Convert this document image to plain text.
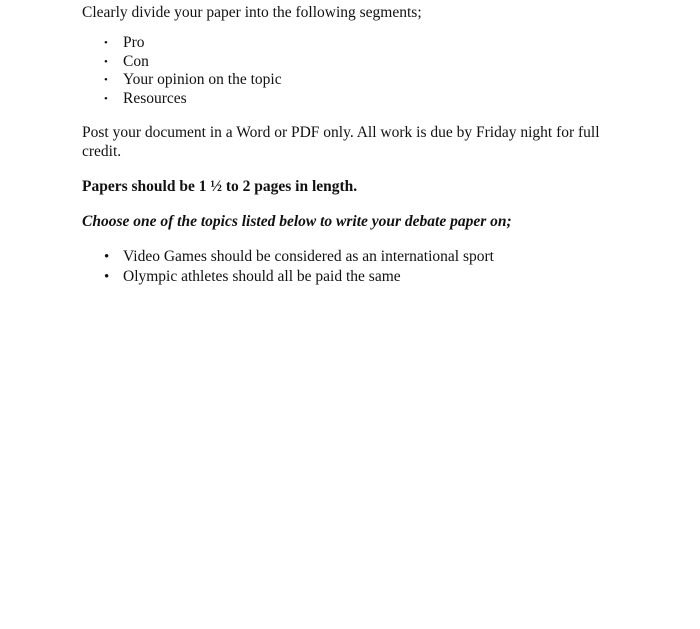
Clearly divide your paper into the following segments;
• Pro
• Con
• Your opinion on the topic
• Resources
Post your document in a Word or PDF only. All work is due by Friday night for full credit.
Papers should be 1 ½ to 2 pages in length.
Choose one of the topics listed below to write your debate paper on;
• Video Games should be considered as an international sport
• Olympic athletes should all be paid the same
